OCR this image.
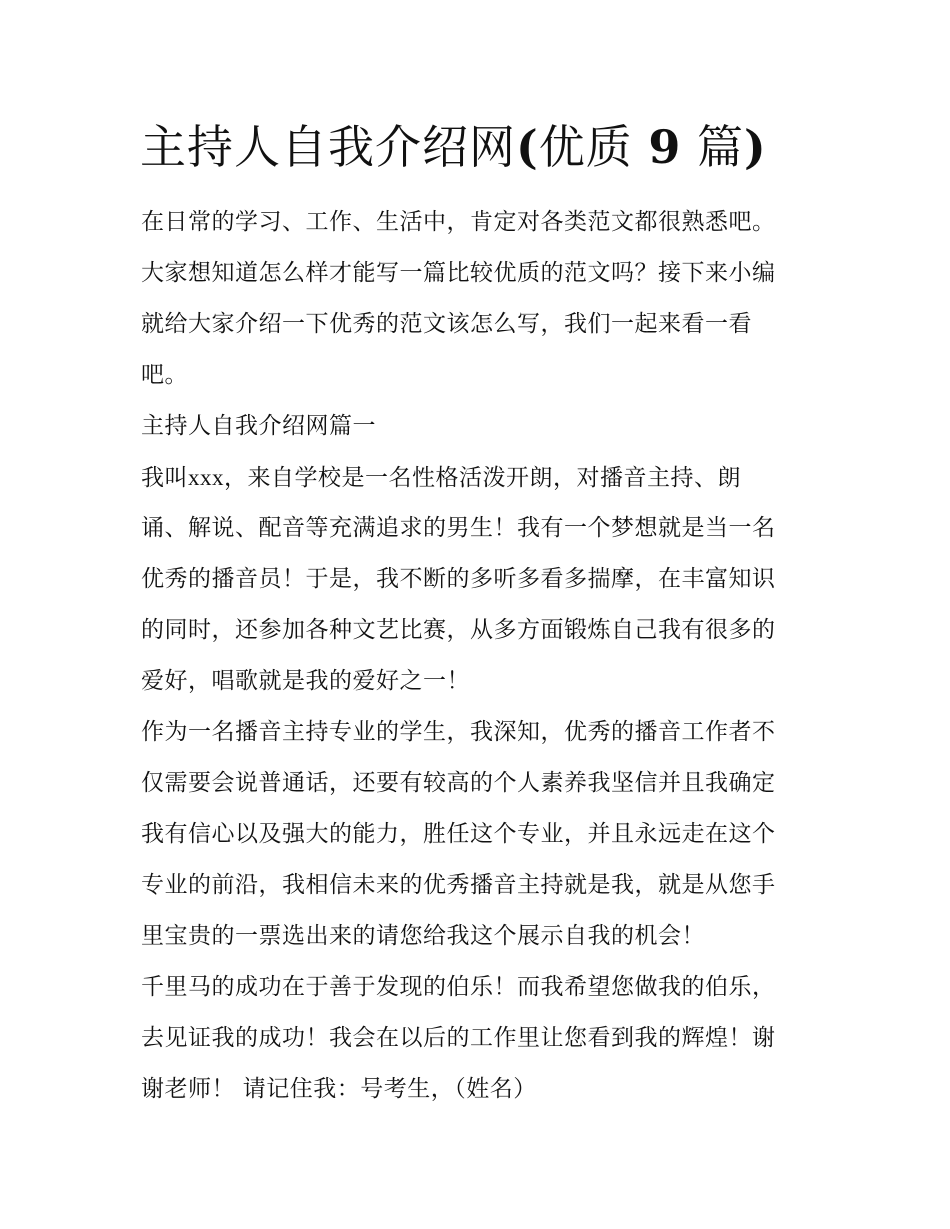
主持人自我介绍网(优质 9 篇)
在日常的学习、工作、生活中，肯定对各类范文都很熟悉吧。
大家想知道怎么样才能写一篇比较优质的范文吗？接下来小编
就给大家介绍一下优秀的范文该怎么写，我们一起来看一看
吧。
主持人自我介绍网篇一
我叫xxx，来自学校是一名性格活泼开朗，对播音主持、朗
诵、解说、配音等充满追求的男生！我有一个梦想就是当一名
优秀的播音员！于是，我不断的多听多看多揣摩，在丰富知识
的同时，还参加各种文艺比赛，从多方面锻炼自己我有很多的
爱好，唱歌就是我的爱好之一！
作为一名播音主持专业的学生，我深知，优秀的播音工作者不
仅需要会说普通话，还要有较高的个人素养我坚信并且我确定
我有信心以及强大的能力，胜任这个专业，并且永远走在这个
专业的前沿，我相信未来的优秀播音主持就是我，就是从您手
里宝贵的一票选出来的请您给我这个展示自我的机会！
千里马的成功在于善于发现的伯乐！而我希望您做我的伯乐，
去见证我的成功！我会在以后的工作里让您看到我的辉煌！谢
谢老师！ 请记住我：号考生，（姓名）
